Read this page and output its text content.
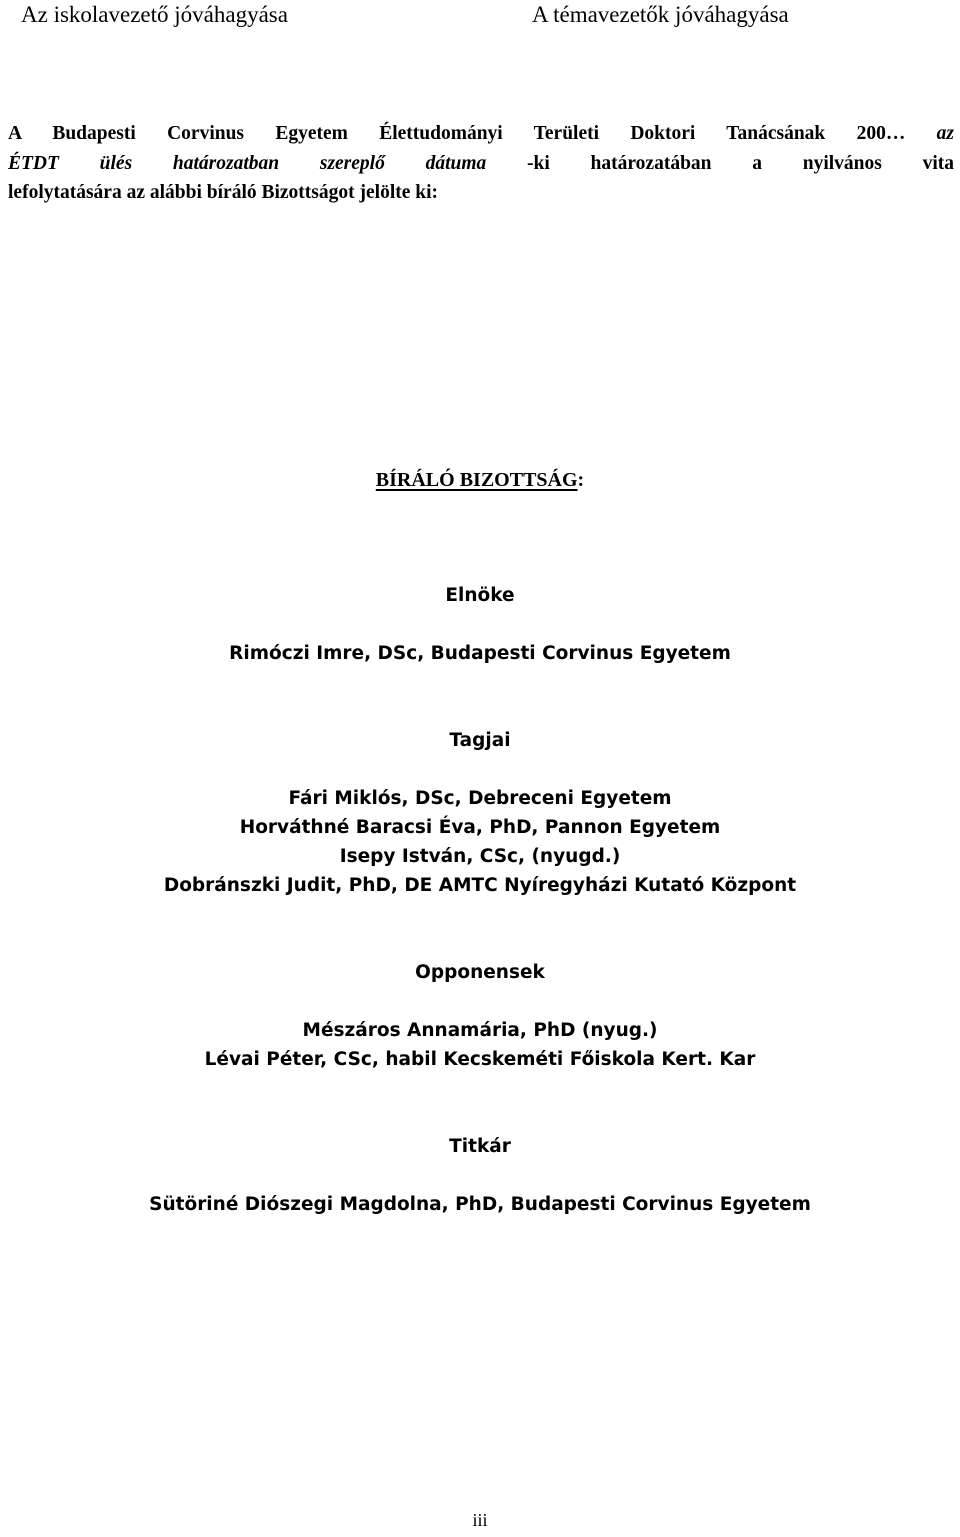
Az iskolavezető jóváhagyása	A témavezetők jóváhagyása
A Budapesti Corvinus Egyetem Élettudományi Területi Doktori Tanácsának 200… az
ÉTDT ülés határozatban szereplő dátuma -ki határozatában a nyilvános vita
lefolytatására az alábbi bíráló Bizottságot jelölte ki:
BÍRÁLÓ BIZOTTSÁG:
Elnöke
Rimóczi Imre, DSc, Budapesti Corvinus Egyetem
Tagjai
Fári Miklós, DSc, Debreceni Egyetem
Horváthné Baracsi Éva, PhD, Pannon Egyetem
Isepy István, CSc, (nyugd.)
Dobránszki Judit, PhD, DE AMTC Nyíregyházi Kutató Központ
Opponensek
Mészáros Annamária, PhD (nyug.)
Lévai Péter, CSc, habil Kecskeméti Főiskola Kert. Kar
Titkár
Sütöriné Diószegi Magdolna, PhD, Budapesti Corvinus Egyetem
iii
